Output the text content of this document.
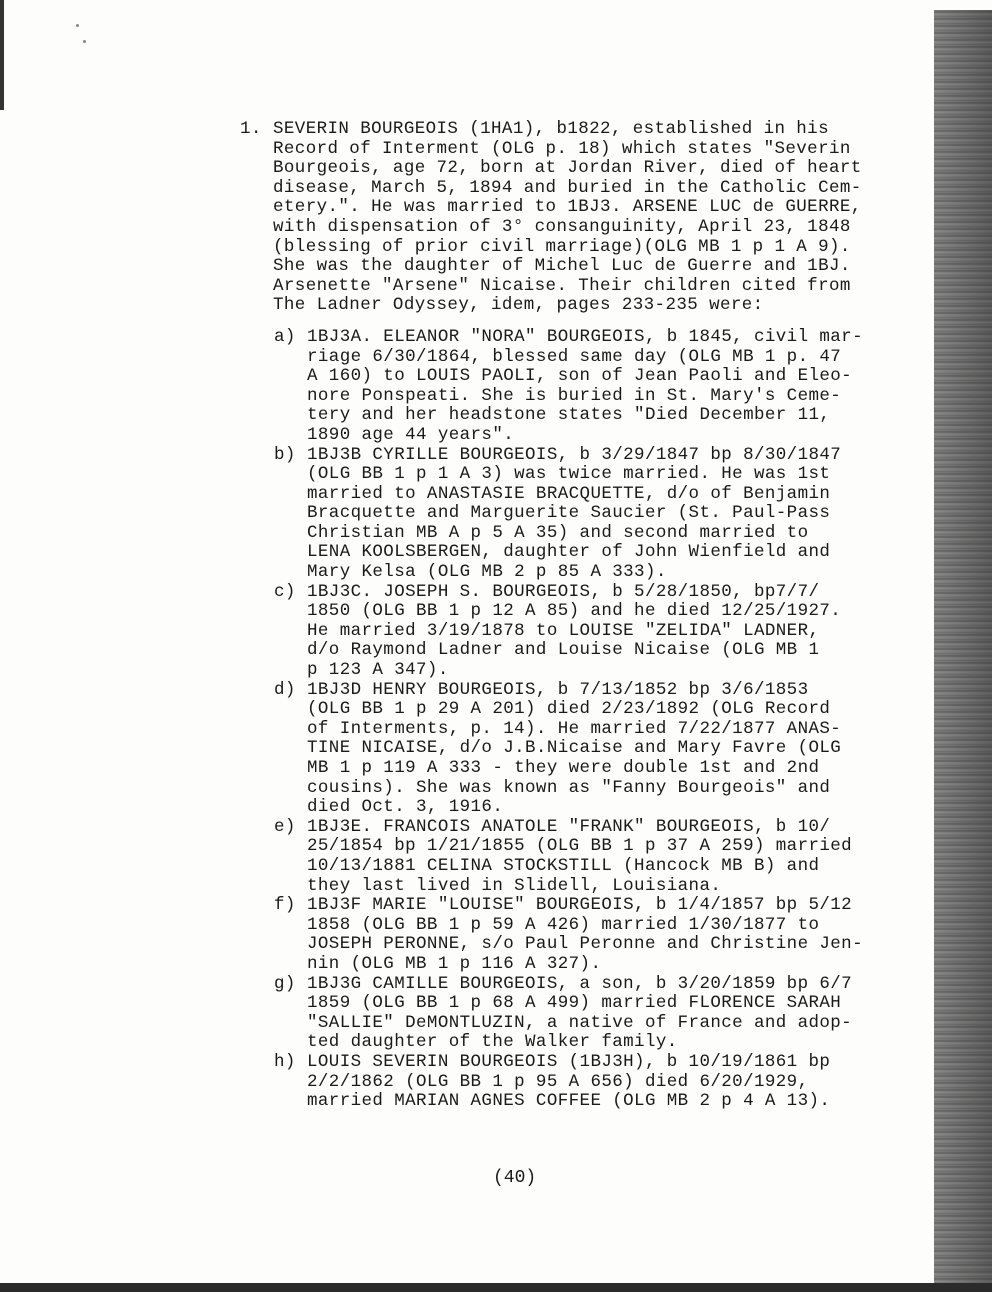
1. SEVERIN BOURGEOIS (1HA1), b1822, established in his
Record of Interment (OLG p. 18) which states "Severin
Bourgeois, age 72, born at Jordan River, died of heart
disease, March 5, 1894 and buried in the Catholic Cem-
etery.". He was married to 1BJ3. ARSENE LUC de GUERRE,
with dispensation of 3° consanguinity, April 23, 1848
(blessing of prior civil marriage)(OLG MB 1 p 1 A 9).
She was the daughter of Michel Luc de Guerre and 1BJ.
Arsenette "Arsene" Nicaise. Their children cited from
The Ladner Odyssey, idem, pages 233-235 were:
a) 1BJ3A. ELEANOR "NORA" BOURGEOIS, b 1845, civil mar-
riage 6/30/1864, blessed same day (OLG MB 1 p. 47
A 160) to LOUIS PAOLI, son of Jean Paoli and Eleo-
nore Ponspeati. She is buried in St. Mary's Ceme-
tery and her headstone states "Died December 11,
1890 age 44 years".
b) 1BJ3B CYRILLE BOURGEOIS, b 3/29/1847 bp 8/30/1847
(OLG BB 1 p 1 A 3) was twice married. He was 1st
married to ANASTASIE BRACQUETTE, d/o of Benjamin
Bracquette and Marguerite Saucier (St. Paul-Pass
Christian MB A p 5 A 35) and second married to
LENA KOOLSBERGEN, daughter of John Wienfield and
Mary Kelsa (OLG MB 2 p 85 A 333).
c) 1BJ3C. JOSEPH S. BOURGEOIS, b 5/28/1850, bp7/7/
1850 (OLG BB 1 p 12 A 85) and he died 12/25/1927.
He married 3/19/1878 to LOUISE "ZELIDA" LADNER,
d/o Raymond Ladner and Louise Nicaise (OLG MB 1
p 123 A 347).
d) 1BJ3D HENRY BOURGEOIS, b 7/13/1852 bp 3/6/1853
(OLG BB 1 p 29 A 201) died 2/23/1892 (OLG Record
of Interments, p. 14). He married 7/22/1877 ANAS-
TINE NICAISE, d/o J.B.Nicaise and Mary Favre (OLG
MB 1 p 119 A 333 - they were double 1st and 2nd
cousins). She was known as "Fanny Bourgeois" and
died Oct. 3, 1916.
e) 1BJ3E. FRANCOIS ANATOLE "FRANK" BOURGEOIS, b 10/
25/1854 bp 1/21/1855 (OLG BB 1 p 37 A 259) married
10/13/1881 CELINA STOCKSTILL (Hancock MB B) and
they last lived in Slidell, Louisiana.
f) 1BJ3F MARIE "LOUISE" BOURGEOIS, b 1/4/1857 bp 5/12
1858 (OLG BB 1 p 59 A 426) married 1/30/1877 to
JOSEPH PERONNE, s/o Paul Peronne and Christine Jen-
nin (OLG MB 1 p 116 A 327).
g) 1BJ3G CAMILLE BOURGEOIS, a son, b 3/20/1859 bp 6/7
1859 (OLG BB 1 p 68 A 499) married FLORENCE SARAH
"SALLIE" DeMONTLUZIN, a native of France and adop-
ted daughter of the Walker family.
h) LOUIS SEVERIN BOURGEOIS (1BJ3H), b 10/19/1861 bp
2/2/1862 (OLG BB 1 p 95 A 656) died 6/20/1929,
married MARIAN AGNES COFFEE (OLG MB 2 p 4 A 13).
(40)
